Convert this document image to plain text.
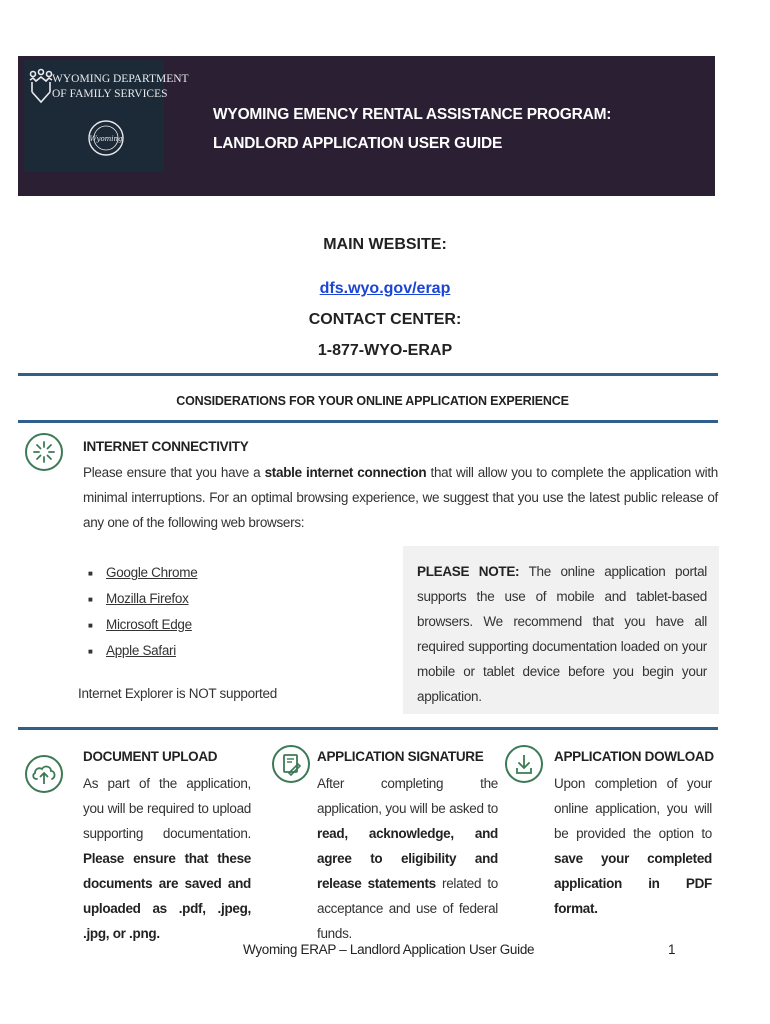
WYOMING DEPARTMENT
OF FAMILY SERVICES
Wyoming
WYOMING EMENCY RENTAL ASSISTANCE PROGRAM:
LANDLORD APPLICATION USER GUIDE
MAIN WEBSITE:
dfs.wyo.gov/erap
CONTACT CENTER:
1-877-WYO-ERAP
CONSIDERATIONS FOR YOUR ONLINE APPLICATION EXPERIENCE
INTERNET CONNECTIVITY
Please ensure that you have a stable internet connection that will allow you to complete the application with minimal interruptions. For an optimal browsing experience, we suggest that you use the latest public release of any one of the following web browsers:
■ Google Chrome
■ Mozilla Firefox
■ Microsoft Edge
■ Apple Safari
Internet Explorer is NOT supported
PLEASE NOTE: The online application portal supports the use of mobile and tablet-based browsers. We recommend that you have all required supporting documentation loaded on your mobile or tablet device before you begin your application.
DOCUMENT UPLOAD
As part of the application, you will be required to upload supporting documentation. Please ensure that these documents are saved and uploaded as .pdf, .jpeg, .jpg, or .png.
APPLICATION SIGNATURE
After completing the application, you will be asked to read, acknowledge, and agree to eligibility and release statements related to acceptance and use of federal funds.
APPLICATION DOWLOAD
Upon completion of your online application, you will be provided the option to save your completed application in PDF format.
Wyoming ERAP – Landlord Application User Guide	1
